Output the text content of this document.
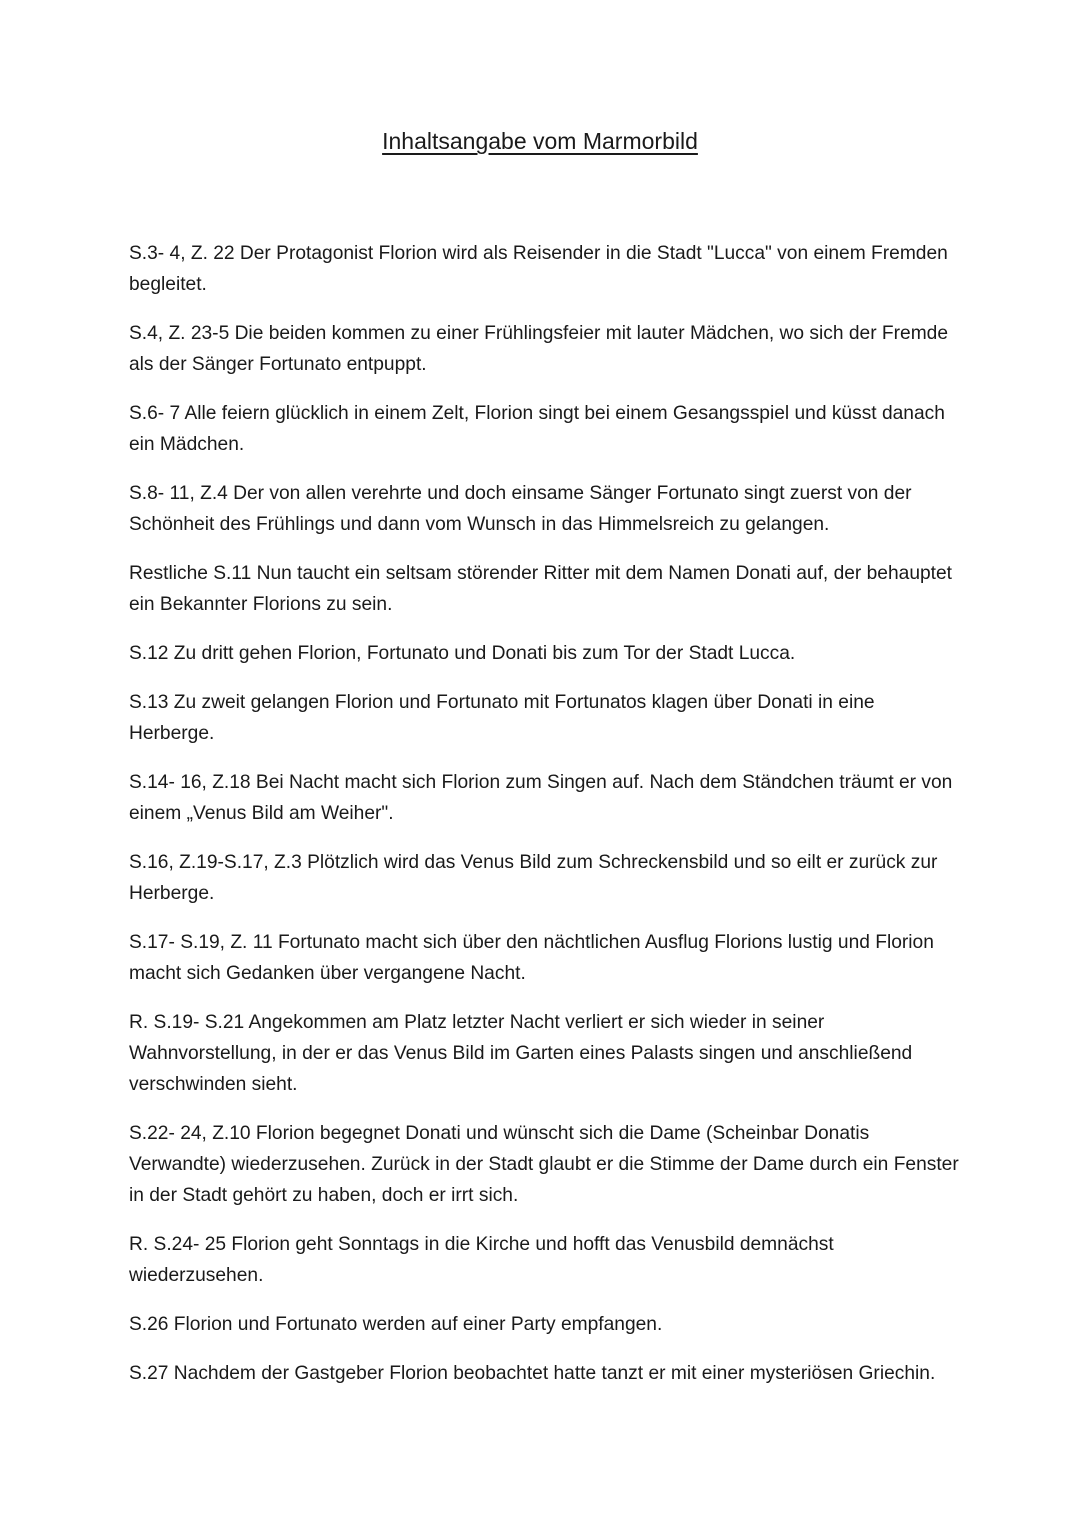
Inhaltsangabe vom Marmorbild

S.3- 4, Z. 22 Der Protagonist Florion wird als Reisender in die Stadt "Lucca" von einem Fremden begleitet.

S.4, Z. 23-5 Die beiden kommen zu einer Frühlingsfeier mit lauter Mädchen, wo sich der Fremde als der Sänger Fortunato entpuppt.

S.6- 7 Alle feiern glücklich in einem Zelt, Florion singt bei einem Gesangsspiel und küsst danach ein Mädchen.

S.8- 11, Z.4 Der von allen verehrte und doch einsame Sänger Fortunato singt zuerst von der Schönheit des Frühlings und dann vom Wunsch in das Himmelsreich zu gelangen.

Restliche S.11 Nun taucht ein seltsam störender Ritter mit dem Namen Donati auf, der behauptet ein Bekannter Florions zu sein.

S.12 Zu dritt gehen Florion, Fortunato und Donati bis zum Tor der Stadt Lucca.

S.13 Zu zweit gelangen Florion und Fortunato mit Fortunatos klagen über Donati in eine Herberge.

S.14- 16, Z.18 Bei Nacht macht sich Florion zum Singen auf. Nach dem Ständchen träumt er von einem „Venus Bild am Weiher".

S.16, Z.19-S.17, Z.3 Plötzlich wird das Venus Bild zum Schreckensbild und so eilt er zurück zur Herberge.

S.17- S.19, Z. 11 Fortunato macht sich über den nächtlichen Ausflug Florions lustig und Florion macht sich Gedanken über vergangene Nacht.

R. S.19- S.21 Angekommen am Platz letzter Nacht verliert er sich wieder in seiner Wahnvorstellung, in der er das Venus Bild im Garten eines Palasts singen und anschließend verschwinden sieht.

S.22- 24, Z.10 Florion begegnet Donati und wünscht sich die Dame (Scheinbar Donatis Verwandte) wiederzusehen. Zurück in der Stadt glaubt er die Stimme der Dame durch ein Fenster in der Stadt gehört zu haben, doch er irrt sich.

R. S.24- 25 Florion geht Sonntags in die Kirche und hofft das Venusbild demnächst wiederzusehen.

S.26 Florion und Fortunato werden auf einer Party empfangen.

S.27 Nachdem der Gastgeber Florion beobachtet hatte tanzt er mit einer mysteriösen Griechin.
